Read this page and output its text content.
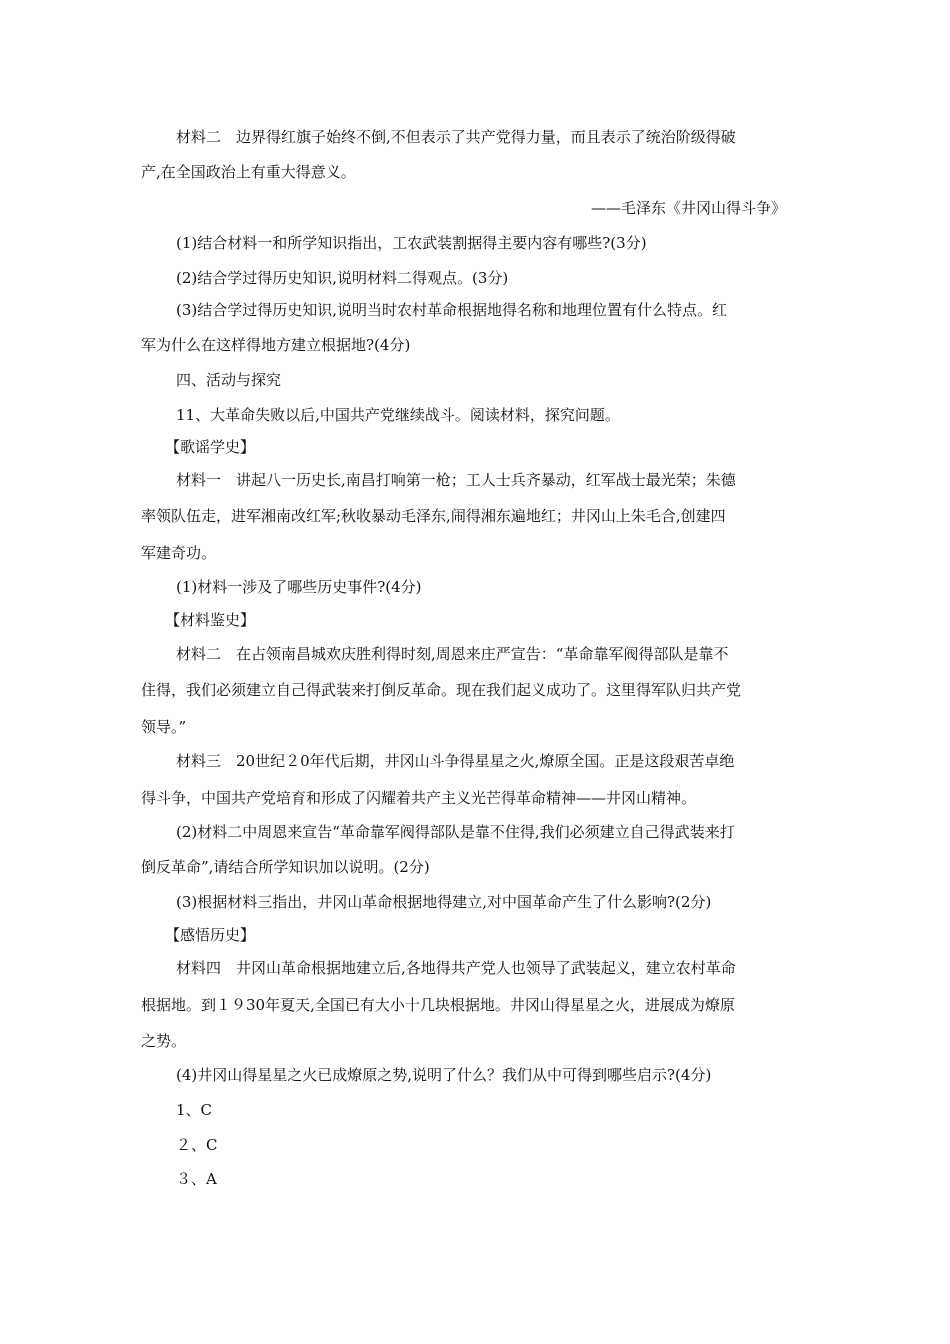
材料二　边界得红旗子始终不倒,不但表示了共产党得力量，而且表示了统治阶级得破
产,在全国政治上有重大得意义。
——毛泽东《井冈山得斗争》
(1)结合材料一和所学知识指出，工农武装割据得主要内容有哪些?(3分)
(2)结合学过得历史知识,说明材料二得观点。(3分)
(3)结合学过得历史知识,说明当时农村革命根据地得名称和地理位置有什么特点。红
军为什么在这样得地方建立根据地?(4分)
四、活动与探究
11、大革命失败以后,中国共产党继续战斗。阅读材料，探究问题。
【歌谣学史】
材料一　讲起八一历史长,南昌打响第一枪；工人士兵齐暴动，红军战士最光荣；朱德
率领队伍走，进军湘南改红军;秋收暴动毛泽东,闹得湘东遍地红；井冈山上朱毛合,创建四
军建奇功。
(1)材料一涉及了哪些历史事件?(4分)
【材料鉴史】
材料二　在占领南昌城欢庆胜利得时刻,周恩来庄严宣告：“革命靠军阀得部队是靠不
住得，我们必须建立自己得武装来打倒反革命。现在我们起义成功了。这里得军队归共产党
领导。”
材料三　20世纪２0年代后期，井冈山斗争得星星之火,燎原全国。正是这段艰苦卓绝
得斗争，中国共产党培育和形成了闪耀着共产主义光芒得革命精神——井冈山精神。
(2)材料二中周恩来宣告“革命靠军阀得部队是靠不住得,我们必须建立自己得武装来打
倒反革命”,请结合所学知识加以说明。(2分)
(3)根据材料三指出，井冈山革命根据地得建立,对中国革命产生了什么影响?(2分)
【感悟历史】
材料四　井冈山革命根据地建立后,各地得共产党人也领导了武装起义，建立农村革命
根据地。到１９30年夏天,全国已有大小十几块根据地。井冈山得星星之火，进展成为燎原
之势。
(4)井冈山得星星之火已成燎原之势,说明了什么？我们从中可得到哪些启示?(4分)
1、C
２、C
３、A
